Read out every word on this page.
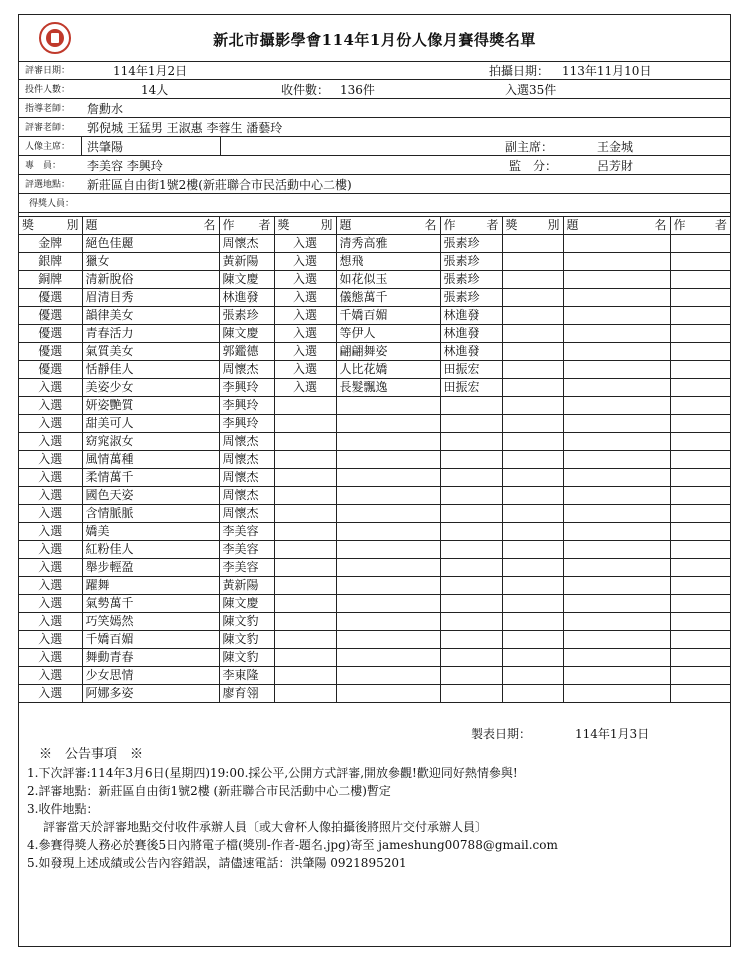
新北市攝影學會114年1月份人像月賽得獎名單
評審日期：	114年1月2日	拍攝日期： 113年11月10日
投件人數：	14人	收件數： 136件	入選35件
指導老師： 詹勳水
評審老師： 郭倪城 王猛男 王淑惠 李蓉生 潘藝玲
人像主席： 洪肇陽	副主席：	王金城
專　員： 李美容 李興玲	監　分：	呂芳財
評選地點： 新莊區自由街1號2樓(新莊聯合市民活動中心二樓)
得獎人員：
獎 別	題 名	作 者	獎 別	題 名	作 者	獎 別	題 名	作 者

金牌	絕色佳麗	周懷杰	入選	清秀高雅	張素珍			
銀牌	獵女	黃新陽	入選	想飛	張素珍			
銅牌	清新脫俗	陳文慶	入選	如花似玉	張素珍			
優選	眉清目秀	林進發	入選	儀態萬千	張素珍			
優選	韻律美女	張素珍	入選	千嬌百媚	林進發			
優選	青春活力	陳文慶	入選	等伊人	林進發			
優選	氣質美女	郭鑑德	入選	翩翩舞姿	林進發			
優選	恬靜佳人	周懷杰	入選	人比花嬌	田振宏			
入選	美姿少女	李興玲	入選	長髮飄逸	田振宏			
入選	妍姿艷質	李興玲						
入選	甜美可人	李興玲						
入選	窈窕淑女	周懷杰						
入選	風情萬種	周懷杰						
入選	柔情萬千	周懷杰						
入選	國色天姿	周懷杰						
入選	含情脈脈	周懷杰						
入選	嬌美	李美容						
入選	紅粉佳人	李美容						
入選	舉步輕盈	李美容						
入選	躍舞	黃新陽						
入選	氣勢萬千	陳文慶						
入選	巧笑嫣然	陳文豹						
入選	千嬌百媚	陳文豹						
入選	舞動青春	陳文豹						
入選	少女思情	李東隆						
入選	阿娜多姿	廖育翎						
製表日期：	114年1月3日
※　公告事項　※
1.下次評審:114年3月6日(星期四)19:00.採公平,公開方式評審,開放參觀!歡迎同好熱情參與!
2.評審地點：新莊區自由街1號2樓 (新莊聯合市民活動中心二樓)暫定
3.收件地點：
評審當天於評審地點交付收件承辦人員〔或大會杯人像拍攝後將照片交付承辦人員〕
4.參賽得獎人務必於賽後5日內將電子檔(獎別-作者-題名.jpg)寄至 jameshung00788@gmail.com
5.如發現上述成績或公告內容錯誤，請儘速電話：洪肇陽 0921895201
